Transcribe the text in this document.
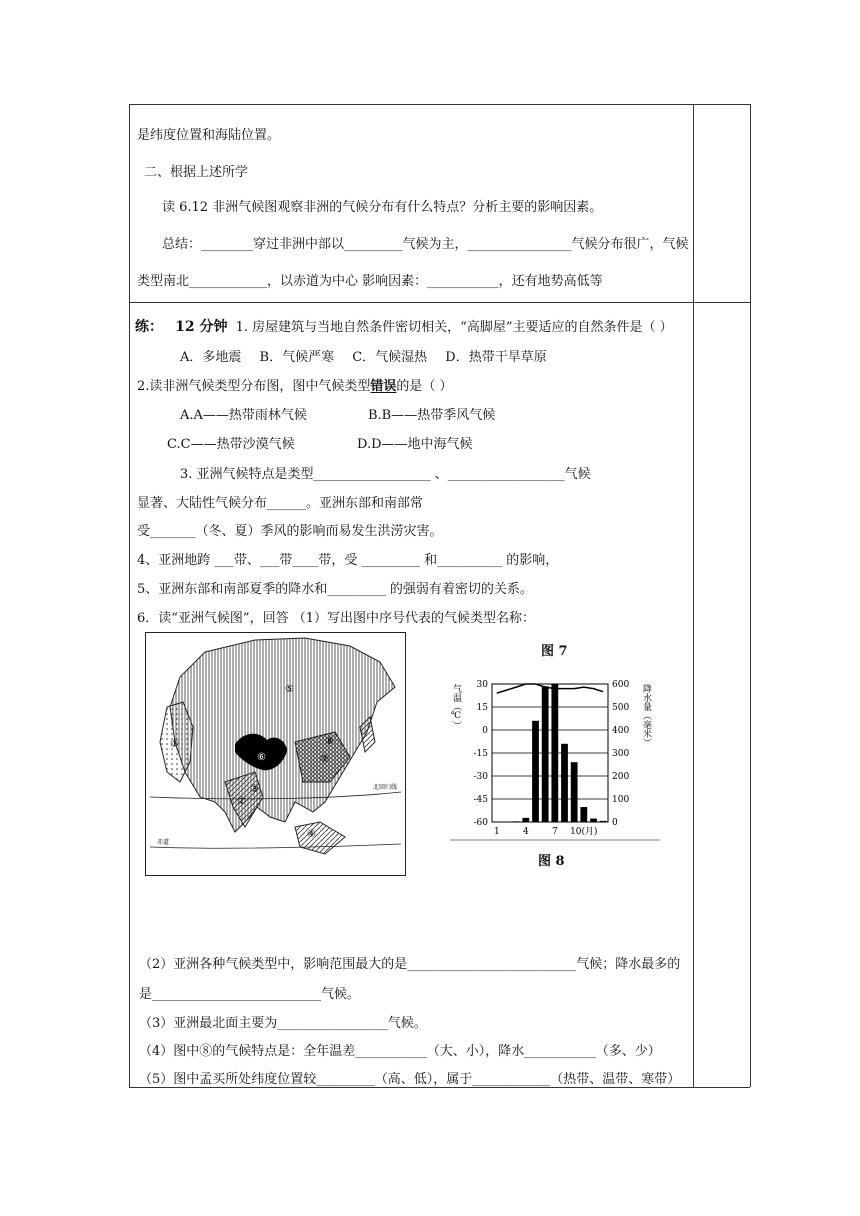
是纬度位置和海陆位置。
二、根据上述所学
读 6.12 非洲气候图观察非洲的气候分布有什么特点？分析主要的影响因素。
总结：________穿过非洲中部以_________气候为主，________________气候分布很广，气候
类型南北____________，以赤道为中心 影响因素：___________，还有地势高低等
练： 12 分钟 1. 房屋建筑与当地自然条件密切相关，“高脚屋”主要适应的自然条件是（ ）
A．多地震 B．气候严寒 C．气候湿热 D．热带干旱草原
2.读非洲气候类型分布图，图中气候类型错误的是（ ）
A.A——热带雨林气候	B.B——热带季风气候
C.C——热带沙漠气候	D.D——地中海气候
3. 亚洲气候特点是类型__________________ 、__________________气候
显著、大陆性气候分布______。亚洲东部和南部常
受_______（冬、夏）季风的影响而易发生洪涝灾害。
4、亚洲地跨 ___带、___带____带，受 _________ 和__________ 的影响，
5、亚洲东部和南部夏季的降水和_________ 的强弱有着密切的关系。
6．读“亚洲气候图”，回答 （1）写出图中序号代表的气候类型名称：
北回归线
赤道
①
②
③
④
⑤
⑥	⑦
⑧
图 7
30
15
0
-15
-30
-45
-60
600
500
400
300
200
100
0
1	4	7 10(月)
气温（℃）	降水量（毫米）
图 8
（2）亚洲各种气候类型中，影响范围最大的是__________________________气候；降水最多的
是__________________________气候。
（3）亚洲最北面主要为_________________气候。
（4）图中⑧的气候特点是：全年温差___________（大、小），降水___________（多、少）
（5）图中孟买所处纬度位置较_________（高、低），属于____________（热带、温带、寒带）
